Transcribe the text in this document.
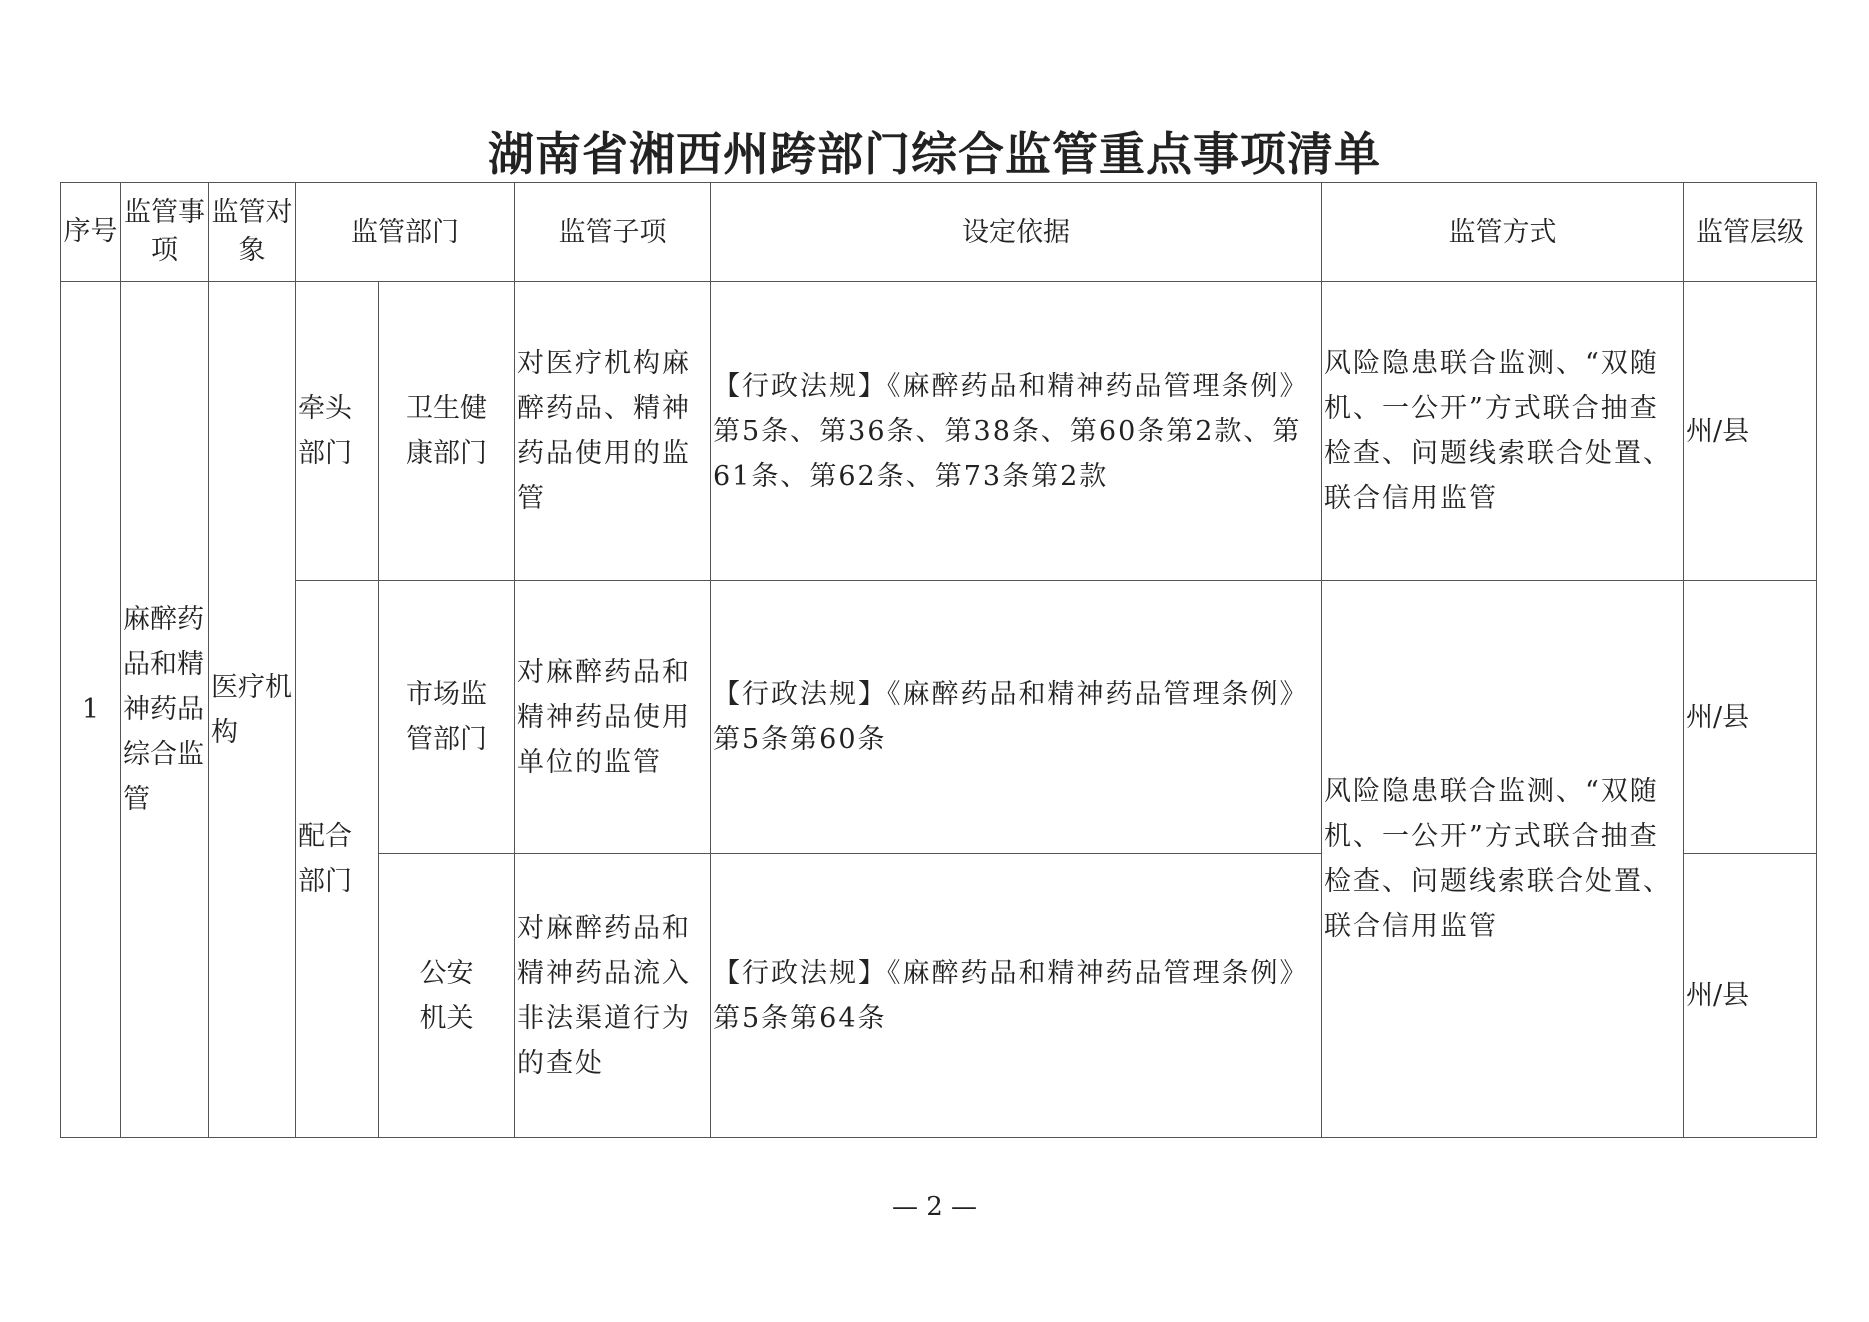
湖南省湘西州跨部门综合监管重点事项清单
序号	监管事项	监管对象	监管部门		监管子项	设定依据	监管方式	监管层级
1	麻醉药品和精神药品综合监管	医疗机构	牵头部门	卫生健康部门	对医疗机构麻醉药品、精神药品使用的监管	【行政法规】《麻醉药品和精神药品管理条例》第5条、第36条、第38条、第60条第2款、第61条、第62条、第73条第2款	风险隐患联合监测、“双随机、一公开”方式联合抽查检查、问题线索联合处置、联合信用监管	州/县
			配合部门	市场监管部门	对麻醉药品和精神药品使用单位的监管	【行政法规】《麻醉药品和精神药品管理条例》第5条第60条	风险隐患联合监测、“双随机、一公开”方式联合抽查检查、问题线索联合处置、联合信用监管	州/县
				公安机关	对麻醉药品和精神药品流入非法渠道行为的查处	【行政法规】《麻醉药品和精神药品管理条例》第5条第64条		州/县
— 2 —
